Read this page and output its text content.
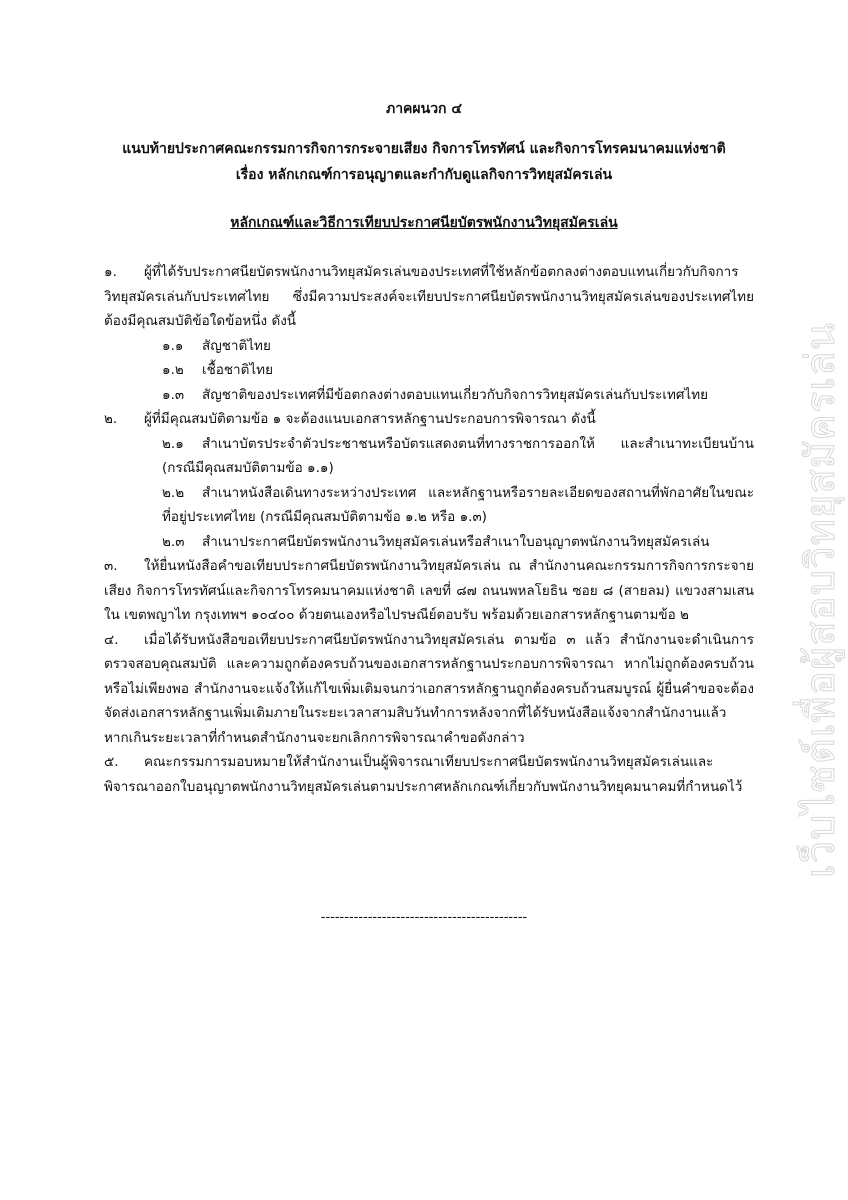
เว็บไซต์เพื่อผู้สอบวิทยุสมัครเล่น
ภาคผนวก ๔
แนบท้ายประกาศคณะกรรมการกิจการกระจายเสียง กิจการโทรทัศน์ และกิจการโทรคมนาคมแห่งชาติ
เรื่อง หลักเกณฑ์การอนุญาตและกำกับดูแลกิจการวิทยุสมัครเล่น
หลักเกณฑ์และวิธีการเทียบประกาศนียบัตรพนักงานวิทยุสมัครเล่น

๑. ผู้ที่ได้รับประกาศนียบัตรพนักงานวิทยุสมัครเล่นของประเทศที่ใช้หลักข้อตกลงต่างตอบแทนเกี่ยวกับกิจการวิทยุสมัครเล่นกับประเทศไทย ซึ่งมีความประสงค์จะเทียบประกาศนียบัตรพนักงานวิทยุสมัครเล่นของประเทศไทย ต้องมีคุณสมบัติข้อใดข้อหนึ่ง ดังนี้

๑.๑ สัญชาติไทย

๑.๒ เชื้อชาติไทย

๑.๓ สัญชาติของประเทศที่มีข้อตกลงต่างตอบแทนเกี่ยวกับกิจการวิทยุสมัครเล่นกับประเทศไทย

๒. ผู้ที่มีคุณสมบัติตามข้อ ๑ จะต้องแนบเอกสารหลักฐานประกอบการพิจารณา ดังนี้

๒.๑ สำเนาบัตรประจำตัวประชาชนหรือบัตรแสดงตนที่ทางราชการออกให้ และสำเนาทะเบียนบ้าน (กรณีมีคุณสมบัติตามข้อ ๑.๑)

๒.๒ สำเนาหนังสือเดินทางระหว่างประเทศ และหลักฐานหรือรายละเอียดของสถานที่พักอาศัยในขณะที่อยู่ประเทศไทย (กรณีมีคุณสมบัติตามข้อ ๑.๒ หรือ ๑.๓)

๒.๓ สำเนาประกาศนียบัตรพนักงานวิทยุสมัครเล่นหรือสำเนาใบอนุญาตพนักงานวิทยุสมัครเล่น

๓. ให้ยื่นหนังสือคำขอเทียบประกาศนียบัตรพนักงานวิทยุสมัครเล่น ณ สำนักงานคณะกรรมการกิจการกระจายเสียง กิจการโทรทัศน์และกิจการโทรคมนาคมแห่งชาติ เลขที่ ๘๗ ถนนพหลโยธิน ซอย ๘ (สายลม) แขวงสามเสนใน เขตพญาไท กรุงเทพฯ ๑๐๔๐๐ ด้วยตนเองหรือไปรษณีย์ตอบรับ พร้อมด้วยเอกสารหลักฐานตามข้อ ๒

๔. เมื่อได้รับหนังสือขอเทียบประกาศนียบัตรพนักงานวิทยุสมัครเล่น ตามข้อ ๓ แล้ว สำนักงานจะดำเนินการตรวจสอบคุณสมบัติ และความถูกต้องครบถ้วนของเอกสารหลักฐานประกอบการพิจารณา หากไม่ถูกต้องครบถ้วนหรือไม่เพียงพอ สำนักงานจะแจ้งให้แก้ไขเพิ่มเติมจนกว่าเอกสารหลักฐานถูกต้องครบถ้วนสมบูรณ์ ผู้ยื่นคำขอจะต้องจัดส่งเอกสารหลักฐานเพิ่มเติมภายในระยะเวลาสามสิบวันทำการหลังจากที่ได้รับหนังสือแจ้งจากสำนักงานแล้ว หากเกินระยะเวลาที่กำหนดสำนักงานจะยกเลิกการพิจารณาคำขอดังกล่าว

๕. คณะกรรมการมอบหมายให้สำนักงานเป็นผู้พิจารณาเทียบประกาศนียบัตรพนักงานวิทยุสมัครเล่นและพิจารณาออกใบอนุญาตพนักงานวิทยุสมัครเล่นตามประกาศหลักเกณฑ์เกี่ยวกับพนักงานวิทยุคมนาคมที่กำหนดไว้

--------------------------------------------
